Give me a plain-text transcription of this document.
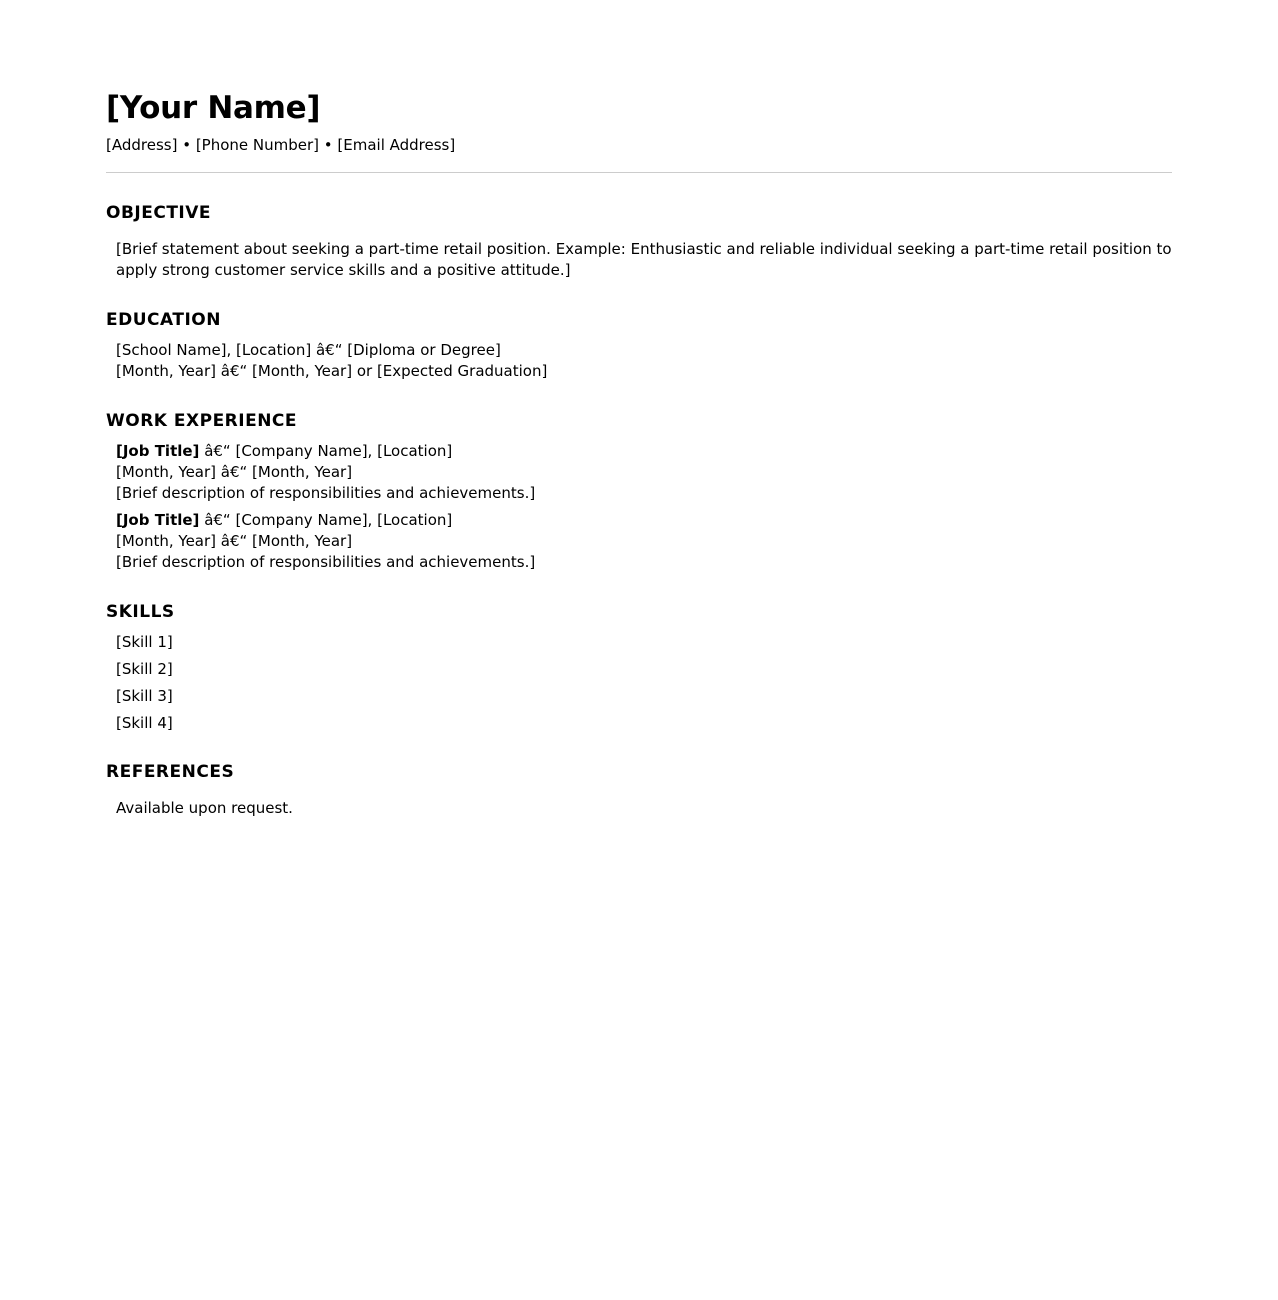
[Your Name]
[Address] • [Phone Number] • [Email Address]
OBJECTIVE
[Brief statement about seeking a part-time retail position. Example: Enthusiastic and reliable individual seeking a part-time retail position to apply strong customer service skills and a positive attitude.]
EDUCATION
[School Name], [Location] â€“ [Diploma or Degree]
[Month, Year] â€“ [Month, Year] or [Expected Graduation]
WORK EXPERIENCE
[Job Title] â€“ [Company Name], [Location]
[Month, Year] â€“ [Month, Year]
[Brief description of responsibilities and achievements.]
[Job Title] â€“ [Company Name], [Location]
[Month, Year] â€“ [Month, Year]
[Brief description of responsibilities and achievements.]
SKILLS
[Skill 1]
[Skill 2]
[Skill 3]
[Skill 4]
REFERENCES
Available upon request.
